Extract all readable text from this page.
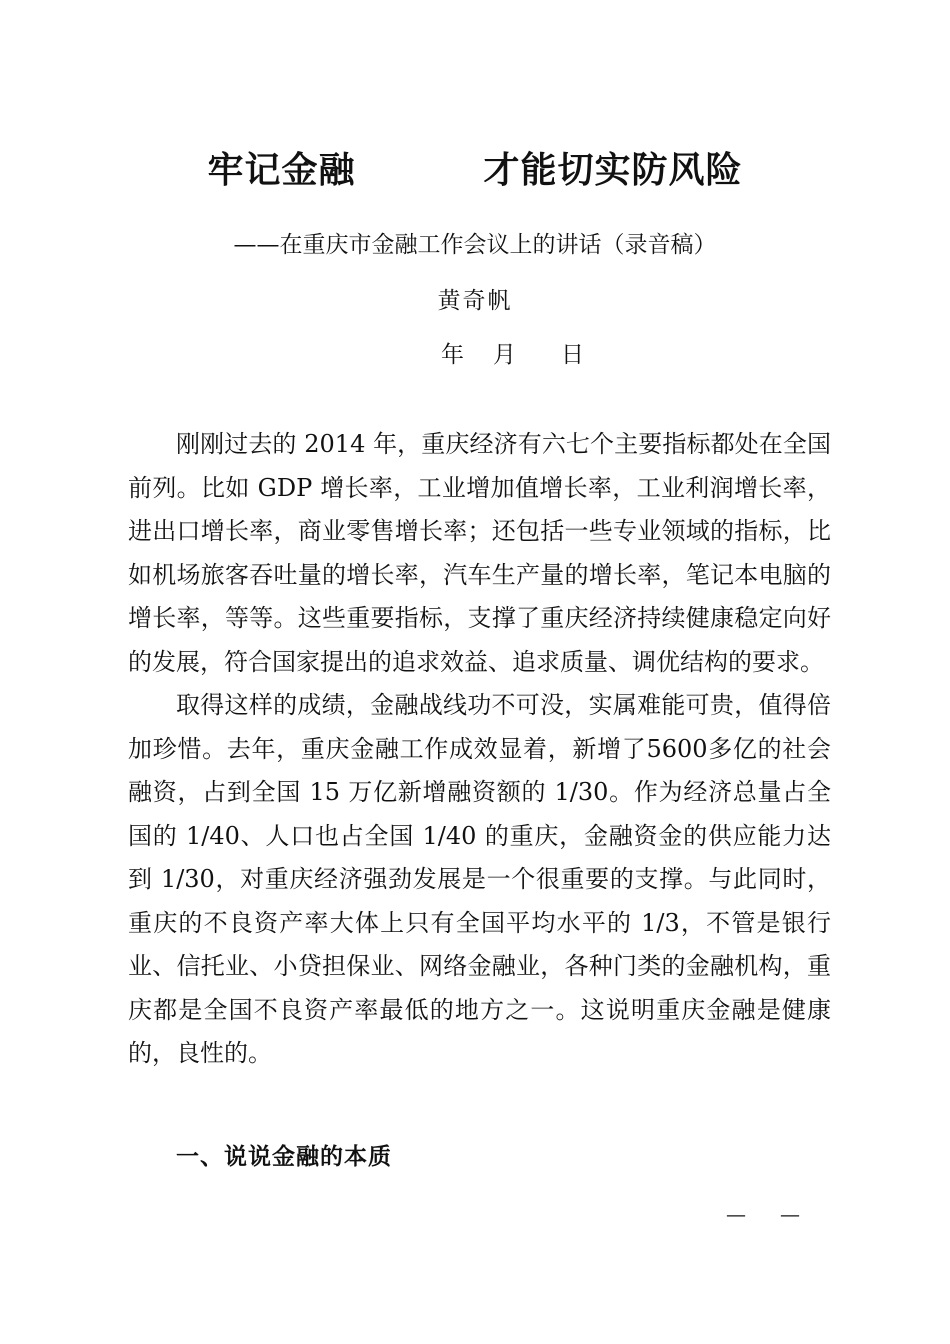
牢记金融	才能切实防风险
——在重庆市金融工作会议上的讲话（录音稿）
黄奇帆
年 月 日

刚刚过去的 2014 年，重庆经济有六七个主要指标都处在全国前列。比如 GDP 增长率，工业增加值增长率，工业利润增长率，进出口增长率，商业零售增长率；还包括一些专业领域的指标，比如机场旅客吞吐量的增长率，汽车生产量的增长率，笔记本电脑的增长率，等等。这些重要指标，支撑了重庆经济持续健康稳定向好的发展，符合国家提出的追求效益、追求质量、调优结构的要求。

取得这样的成绩，金融战线功不可没，实属难能可贵，值得倍加珍惜。去年，重庆金融工作成效显着，新增了5600多亿的社会融资，占到全国 15 万亿新增融资额的 1/30。作为经济总量占全国的 1/40、人口也占全国 1/40 的重庆，金融资金的供应能力达到 1/30，对重庆经济强劲发展是一个很重要的支撑。与此同时，重庆的不良资产率大体上只有全国平均水平的 1/3，不管是银行业、信托业、小贷担保业、网络金融业，各种门类的金融机构，重庆都是全国不良资产率最低的地方之一。这说明重庆金融是健康的，良性的。

一、说说金融的本质
— —
